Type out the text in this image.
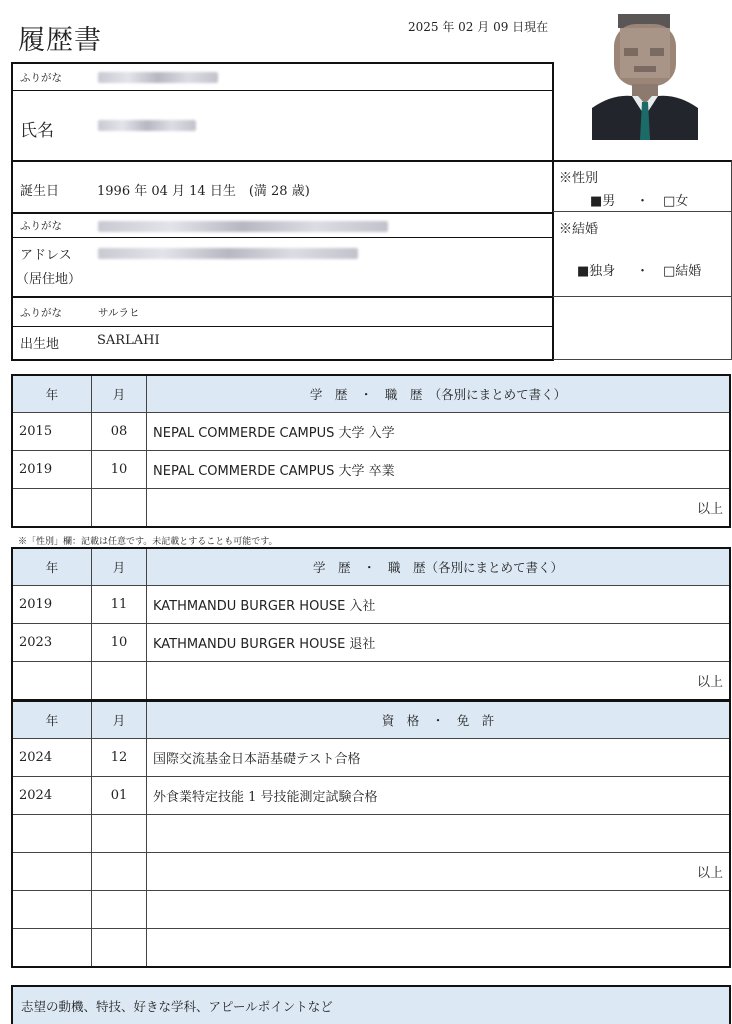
履歴書	2025 年 02 月 09 日現在
ふりがな
氏名
誕生日	1996 年 04 月 14 日生　(満 28 歳)
ふりがな
アドレス
（居住地）
ふりがな	サルラヒ
出生地	SARLAHI
※性別
■男 ・ □女
※結婚
■独身 ・ □結婚
年	月	学　歴　・　職　歴　（各別にまとめて書く）
2015	08	NEPAL COMMERDE CAMPUS 大学 入学
2019	10	NEPAL COMMERDE CAMPUS 大学 卒業
		以上
※「性別」欄：記載は任意です。未記載とすることも可能です。
年	月	学　歴　・　職　歴（各別にまとめて書く）
2019	11	KATHMANDU BURGER HOUSE 入社
2023	10	KATHMANDU BURGER HOUSE 退社
		以上
年	月	資　格　・　免　許
2024	12	国際交流基金日本語基礎テスト合格
2024	01	外食業特定技能 1 号技能測定試験合格

		以上

志望の動機、特技、好きな学科、アピールポイントなど
